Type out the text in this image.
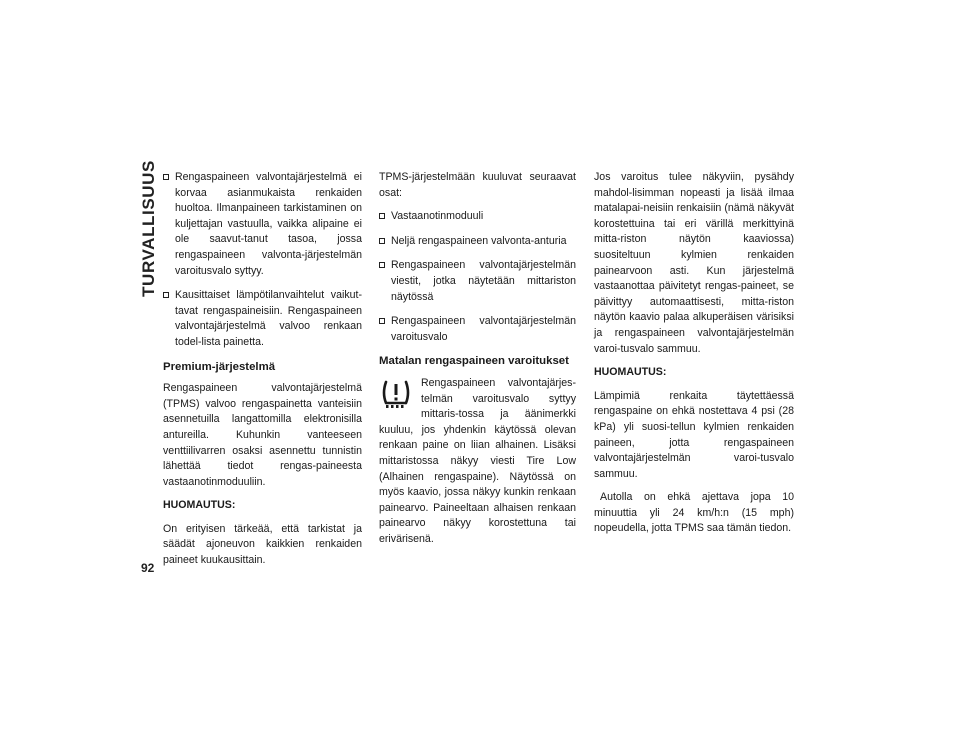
TURVALLISUUS
92
Rengaspaineen valvontajärjestelmä ei korvaa asianmukaista renkaiden huoltoa. Ilmanpaineen tarkistaminen on kuljettajan vastuulla, vaikka alipaine ei ole saavut-tanut tasoa, jossa rengaspaineen valvonta-järjestelmän varoitusvalo syttyy.
Kausittaiset lämpötilanvaihtelut vaikut-tavat rengaspaineisiin. Rengaspaineen valvontajärjestelmä valvoo renkaan todel-lista painetta.
Premium-järjestelmä

Rengaspaineen valvontajärjestelmä (TPMS) valvoo rengaspainetta vanteisiin asennetuilla langattomilla elektronisilla antureilla. Kuhunkin vanteeseen venttiilivarren osaksi asennettu tunnistin lähettää tiedot rengas-paineesta vastaanotinmoduuliin.

HUOMAUTUS:

On erityisen tärkeää, että tarkistat ja säädät ajoneuvon kaikkien renkaiden paineet kuukausittain.

TPMS-järjestelmään kuuluvat seuraavat osat:

Vastaanotinmoduuli
Neljä rengaspaineen valvonta-anturia
Rengaspaineen valvontajärjestelmän viestit, jotka näytetään mittariston näytössä
Rengaspaineen valvontajärjestelmän varoitusvalo
Matalan rengaspaineen varoitukset
Rengaspaineen valvontajärjes-telmän varoitusvalo syttyy mittaris-tossa ja äänimerkki kuuluu, jos yhdenkin käytössä olevan renkaan paine on liian alhainen. Lisäksi mittaristossa näkyy viesti Tire Low (Alhainen rengaspaine). Näytössä on myös kaavio, jossa näkyy kunkin renkaan painearvo. Paineeltaan alhaisen renkaan painearvo näkyy korostettuna tai erivärisenä.

Jos varoitus tulee näkyviin, pysähdy mahdol-lisimman nopeasti ja lisää ilmaa matalapai-neisiin renkaisiin (nämä näkyvät korostettuina tai eri värillä merkittyinä mitta-riston näytön kaaviossa) suositeltuun kylmien renkaiden painearvoon asti. Kun järjestelmä vastaanottaa päivitetyt rengas-paineet, se päivittyy automaattisesti, mitta-riston näytön kaavio palaa alkuperäisen värisiksi ja rengaspaineen valvontajärjestelmän varoi-tusvalo sammuu.

HUOMAUTUS:

Lämpimiä renkaita täytettäessä rengaspaine on ehkä nostettava 4 psi (28 kPa) yli suosi-tellun kylmien renkaiden paineen, jotta rengaspaineen valvontajärjestelmän varoi-tusvalo sammuu.

Autolla on ehkä ajettava jopa 10 minuuttia yli 24 km/h:n (15 mph) nopeudella, jotta TPMS saa tämän tiedon.
